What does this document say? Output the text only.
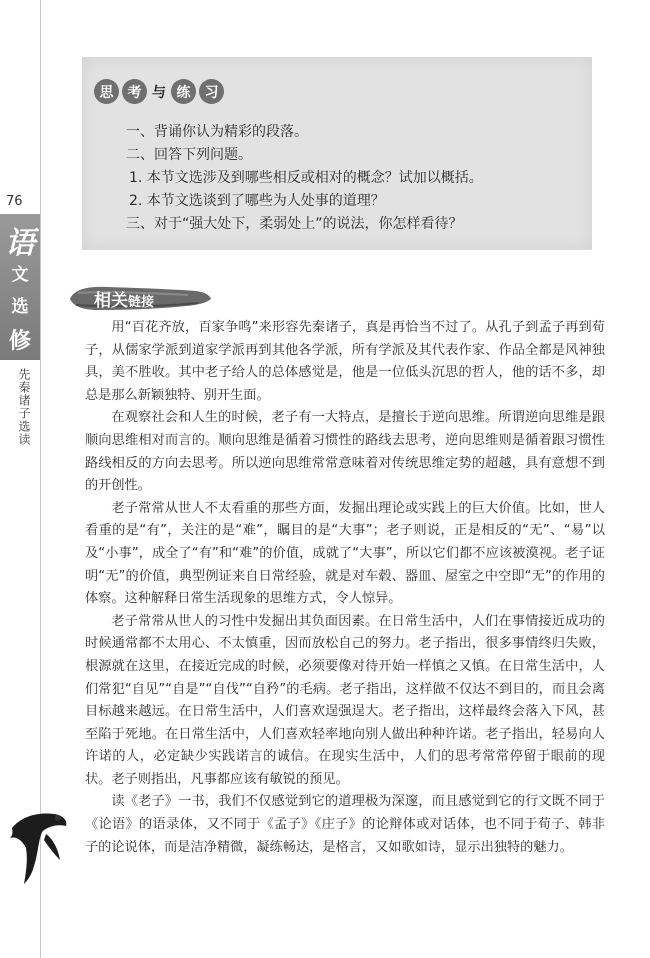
76
语
文
选
修
先秦诸子选读
思	考 与 练	习
一、背诵你认为精彩的段落。
二、回答下列问题。
1. 本节文选涉及到哪些相反或相对的概念？试加以概括。
2. 本节文选谈到了哪些为人处事的道理？
三、对于“强大处下，柔弱处上”的说法，你怎样看待？
相关链接

用“百花齐放，百家争鸣”来形容先秦诸子，真是再恰当不过了。从孔子到孟子再到荀子，从儒家学派到道家学派再到其他各学派，所有学派及其代表作家、作品全都是风神独具，美不胜收。其中老子给人的总体感觉是，他是一位低头沉思的哲人，他的话不多，却总是那么新颖独特、别开生面。

在观察社会和人生的时候，老子有一大特点，是擅长于逆向思维。所谓逆向思维是跟顺向思维相对而言的。顺向思维是循着习惯性的路线去思考，逆向思维则是循着跟习惯性路线相反的方向去思考。所以逆向思维常常意味着对传统思维定势的超越，具有意想不到的开创性。

老子常常从世人不太看重的那些方面，发掘出理论或实践上的巨大价值。比如，世人看重的是“有”，关注的是“难”，瞩目的是“大事”；老子则说，正是相反的“无”、“易”以及“小事”，成全了“有”和“难”的价值，成就了“大事”，所以它们都不应该被漠视。老子证明“无”的价值，典型例证来自日常经验，就是对车毂、器皿、屋室之中空即“无”的作用的体察。这种解释日常生活现象的思维方式，令人惊异。

老子常常从世人的习性中发掘出其负面因素。在日常生活中，人们在事情接近成功的时候通常都不太用心、不太慎重，因而放松自己的努力。老子指出，很多事情终归失败，根源就在这里，在接近完成的时候，必须要像对待开始一样慎之又慎。在日常生活中，人们常犯“自见”“自是”“自伐”“自矜”的毛病。老子指出，这样做不仅达不到目的，而且会离目标越来越远。在日常生活中，人们喜欢逞强逞大。老子指出，这样最终会落入下风，甚至陷于死地。在日常生活中，人们喜欢轻率地向别人做出种种许诺。老子指出，轻易向人许诺的人，必定缺少实践诺言的诚信。在现实生活中，人们的思考常常停留于眼前的现状。老子则指出，凡事都应该有敏锐的预见。

读《老子》一书，我们不仅感觉到它的道理极为深邃，而且感觉到它的行文既不同于《论语》的语录体，又不同于《孟子》《庄子》的论辩体或对话体，也不同于荀子、韩非子的论说体，而是洁净精微，凝练畅达，是格言，又如歌如诗，显示出独特的魅力。
